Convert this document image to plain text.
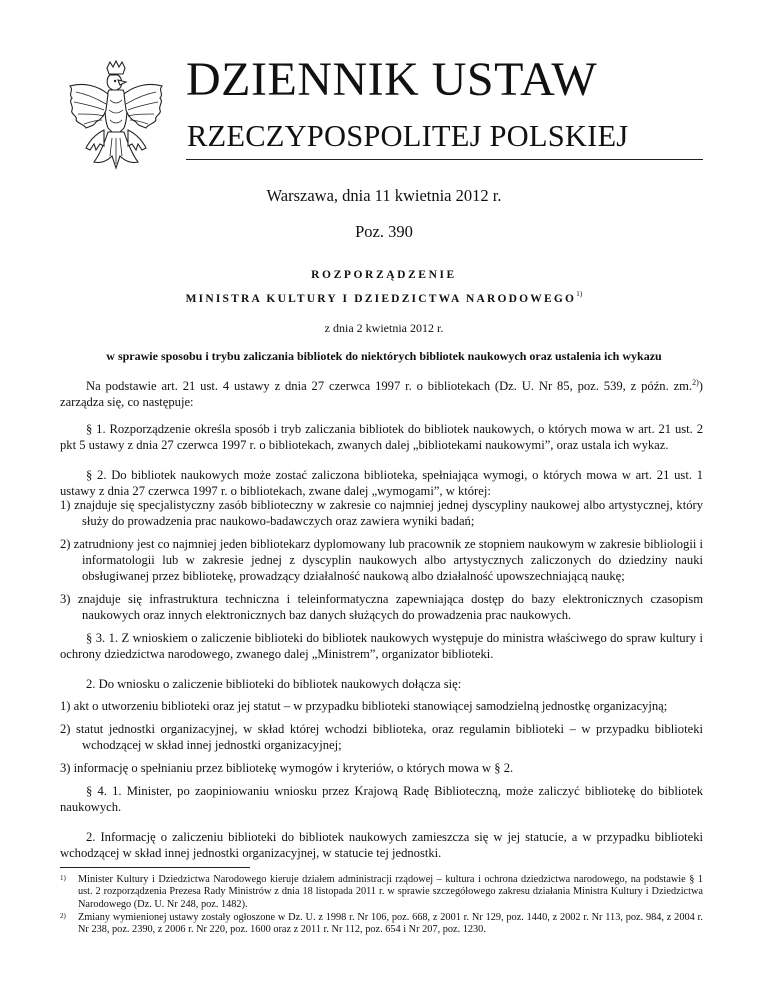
DZIENNIK USTAW
RZECZYPOSPOLITEJ POLSKIEJ
Warszawa, dnia 11 kwietnia 2012 r.
Poz. 390
ROZPORZĄDZENIE
MINISTRA KULTURY I DZIEDZICTWA NARODOWEGO$^{1)}$
z dnia 2 kwietnia 2012 r.
w sprawie sposobu i trybu zaliczania bibliotek do niektórych bibliotek naukowych oraz ustalenia ich wykazu
Na podstawie art. 21 ust. 4 ustawy z dnia 27 czerwca 1997 r. o bibliotekach (Dz. U. Nr 85, poz. 539, z późn. zm.$^{2)}$) zarządza się, co następuje:
§ 1. Rozporządzenie określa sposób i tryb zaliczania bibliotek do bibliotek naukowych, o których mowa w art. 21 ust. 2 pkt 5 ustawy z dnia 27 czerwca 1997 r. o bibliotekach, zwanych dalej „bibliotekami naukowymi”, oraz ustala ich wykaz.
§ 2. Do bibliotek naukowych może zostać zaliczona biblioteka, spełniająca wymogi, o których mowa w art. 21 ust. 1 ustawy z dnia 27 czerwca 1997 r. o bibliotekach, zwane dalej „wymogami”, w której:
1) znajduje się specjalistyczny zasób biblioteczny w zakresie co najmniej jednej dyscypliny naukowej albo artystycznej, który służy do prowadzenia prac naukowo-badawczych oraz zawiera wyniki badań;
2) zatrudniony jest co najmniej jeden bibliotekarz dyplomowany lub pracownik ze stopniem naukowym w zakresie bibliologii i informatologii lub w zakresie jednej z dyscyplin naukowych albo artystycznych zaliczonych do dziedziny nauki obsługiwanej przez bibliotekę, prowadzący działalność naukową albo działalność upowszechniającą naukę;
3) znajduje się infrastruktura techniczna i teleinformatyczna zapewniająca dostęp do bazy elektronicznych czasopism naukowych oraz innych elektronicznych baz danych służących do prowadzenia prac naukowych.
§ 3. 1. Z wnioskiem o zaliczenie biblioteki do bibliotek naukowych występuje do ministra właściwego do spraw kultury i ochrony dziedzictwa narodowego, zwanego dalej „Ministrem”, organizator biblioteki.
2. Do wniosku o zaliczenie biblioteki do bibliotek naukowych dołącza się:
1) akt o utworzeniu biblioteki oraz jej statut – w przypadku biblioteki stanowiącej samodzielną jednostkę organizacyjną;
2) statut jednostki organizacyjnej, w skład której wchodzi biblioteka, oraz regulamin biblioteki – w przypadku biblioteki wchodzącej w skład innej jednostki organizacyjnej;
3) informację o spełnianiu przez bibliotekę wymogów i kryteriów, o których mowa w § 2.
§ 4. 1. Minister, po zaopiniowaniu wniosku przez Krajową Radę Biblioteczną, może zaliczyć bibliotekę do bibliotek naukowych.
2. Informację o zaliczeniu biblioteki do bibliotek naukowych zamieszcza się w jej statucie, a w przypadku biblioteki wchodzącej w skład innej jednostki organizacyjnej, w statucie tej jednostki.
1) Minister Kultury i Dziedzictwa Narodowego kieruje działem administracji rządowej – kultura i ochrona dziedzictwa narodowego, na podstawie § 1 ust. 2 rozporządzenia Prezesa Rady Ministrów z dnia 18 listopada 2011 r. w sprawie szczegółowego zakresu działania Ministra Kultury i Dziedzictwa Narodowego (Dz. U. Nr 248, poz. 1482).
2) Zmiany wymienionej ustawy zostały ogłoszone w Dz. U. z 1998 r. Nr 106, poz. 668, z 2001 r. Nr 129, poz. 1440, z 2002 r. Nr 113, poz. 984, z 2004 r. Nr 238, poz. 2390, z 2006 r. Nr 220, poz. 1600 oraz z 2011 r. Nr 112, poz. 654 i Nr 207, poz. 1230.
